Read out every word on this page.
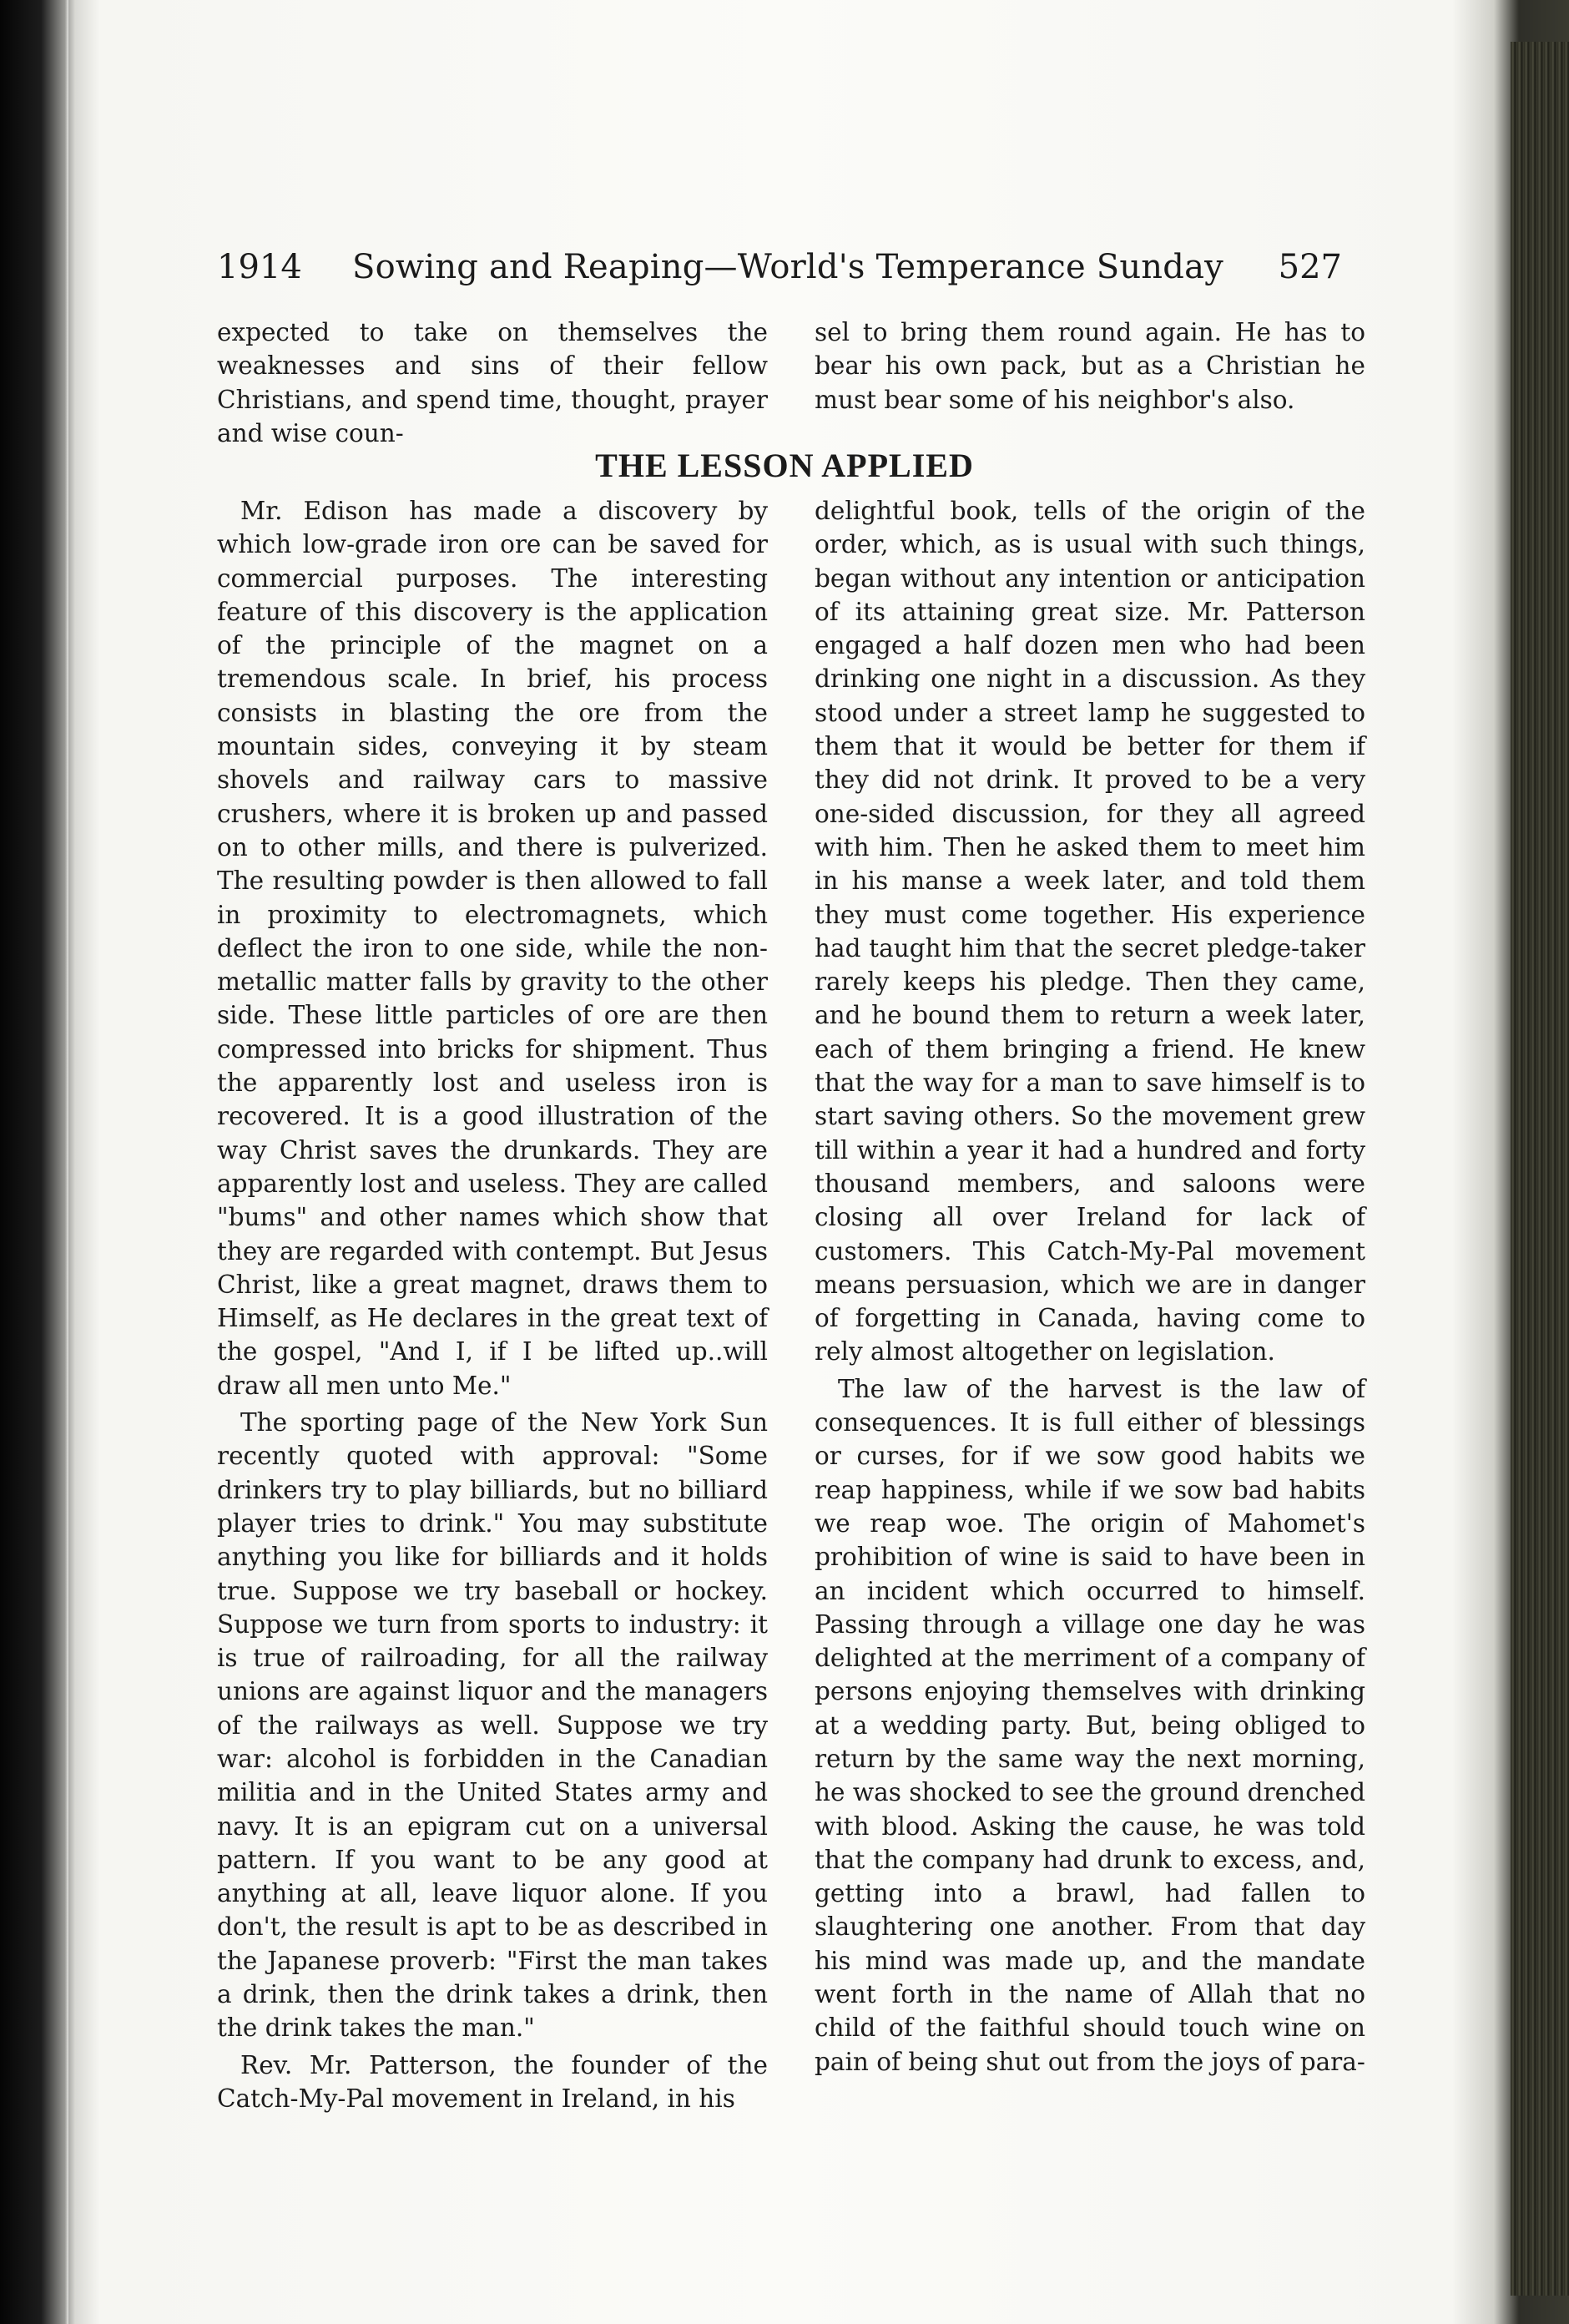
1914 Sowing and Reaping—World's Temperance Sunday 527

expected to take on themselves the weaknesses and sins of their fellow Christians, and spend time, thought, prayer and wise coun-

sel to bring them round again. He has to bear his own pack, but as a Christian he must bear some of his neighbor's also.

THE LESSON APPLIED

Mr. Edison has made a discovery by which low-grade iron ore can be saved for commercial purposes. The interesting feature of this discovery is the application of the principle of the magnet on a tremendous scale. In brief, his process consists in blasting the ore from the mountain sides, conveying it by steam shovels and railway cars to massive crushers, where it is broken up and passed on to other mills, and there is pulverized. The resulting powder is then allowed to fall in proximity to electromagnets, which deflect the iron to one side, while the non-metallic matter falls by gravity to the other side. These little particles of ore are then compressed into bricks for shipment. Thus the apparently lost and useless iron is recovered. It is a good illustration of the way Christ saves the drunkards. They are apparently lost and useless. They are called "bums" and other names which show that they are regarded with contempt. But Jesus Christ, like a great magnet, draws them to Himself, as He declares in the great text of the gospel, "And I, if I be lifted up..will draw all men unto Me."

The sporting page of the New York Sun recently quoted with approval: "Some drinkers try to play billiards, but no billiard player tries to drink." You may substitute anything you like for billiards and it holds true. Suppose we try baseball or hockey. Suppose we turn from sports to industry: it is true of railroading, for all the railway unions are against liquor and the managers of the railways as well. Suppose we try war: alcohol is forbidden in the Canadian militia and in the United States army and navy. It is an epigram cut on a universal pattern. If you want to be any good at anything at all, leave liquor alone. If you don't, the result is apt to be as described in the Japanese proverb: "First the man takes a drink, then the drink takes a drink, then the drink takes the man."

Rev. Mr. Patterson, the founder of the Catch-My-Pal movement in Ireland, in his

delightful book, tells of the origin of the order, which, as is usual with such things, began without any intention or anticipation of its attaining great size. Mr. Patterson engaged a half dozen men who had been drinking one night in a discussion. As they stood under a street lamp he suggested to them that it would be better for them if they did not drink. It proved to be a very one-sided discussion, for they all agreed with him. Then he asked them to meet him in his manse a week later, and told them they must come together. His experience had taught him that the secret pledge-taker rarely keeps his pledge. Then they came, and he bound them to return a week later, each of them bringing a friend. He knew that the way for a man to save himself is to start saving others. So the movement grew till within a year it had a hundred and forty thousand members, and saloons were closing all over Ireland for lack of customers. This Catch-My-Pal movement means persuasion, which we are in danger of forgetting in Canada, having come to rely almost altogether on legislation.

The law of the harvest is the law of consequences. It is full either of blessings or curses, for if we sow good habits we reap happiness, while if we sow bad habits we reap woe. The origin of Mahomet's prohibition of wine is said to have been in an incident which occurred to himself. Passing through a village one day he was delighted at the merriment of a company of persons enjoying themselves with drinking at a wedding party. But, being obliged to return by the same way the next morning, he was shocked to see the ground drenched with blood. Asking the cause, he was told that the company had drunk to excess, and, getting into a brawl, had fallen to slaughtering one another. From that day his mind was made up, and the mandate went forth in the name of Allah that no child of the faithful should touch wine on pain of being shut out from the joys of para-
